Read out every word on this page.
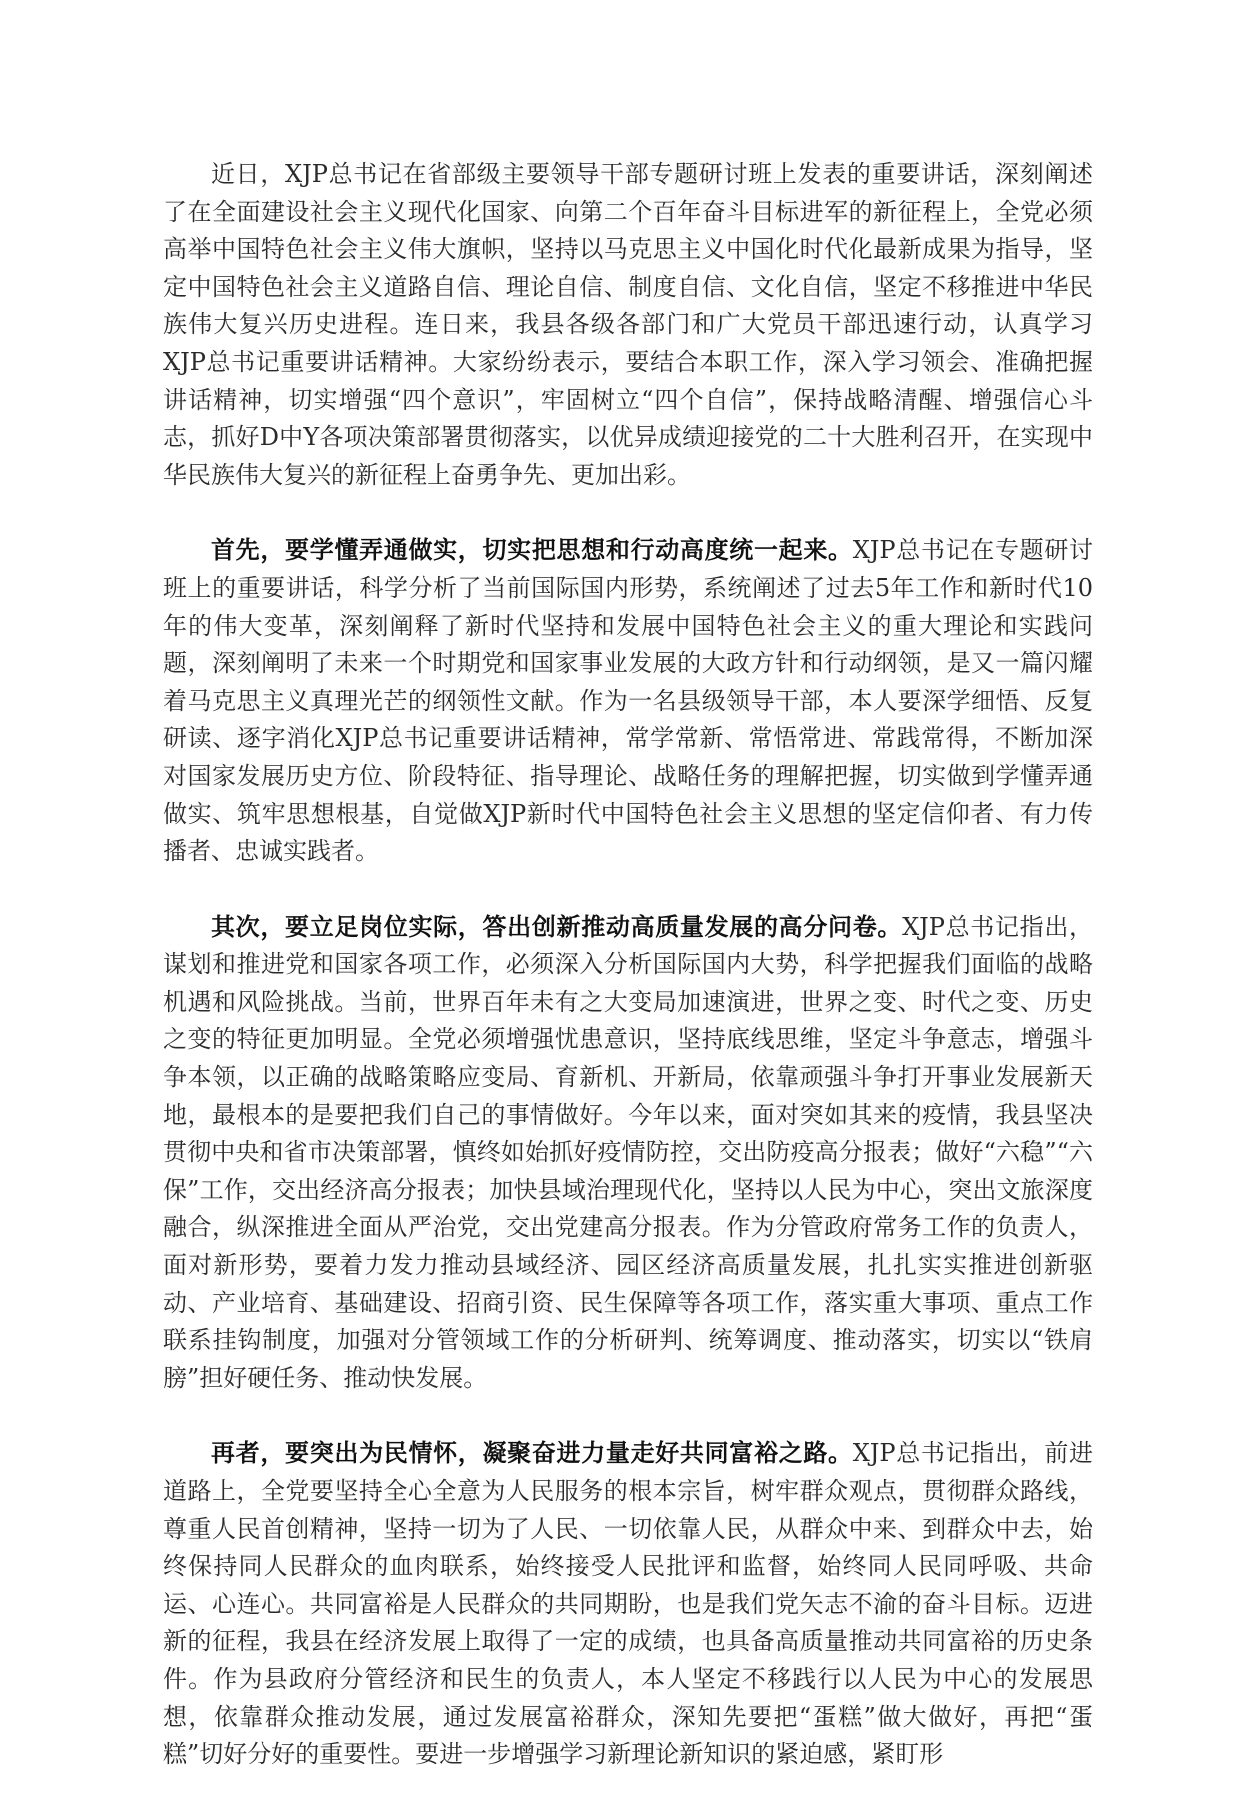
近日，XJP总书记在省部级主要领导干部专题研讨班上发表的重要讲话，深刻阐述了在全面建设社会主义现代化国家、向第二个百年奋斗目标进军的新征程上，全党必须高举中国特色社会主义伟大旗帜，坚持以马克思主义中国化时代化最新成果为指导，坚定中国特色社会主义道路自信、理论自信、制度自信、文化自信，坚定不移推进中华民族伟大复兴历史进程。连日来，我县各级各部门和广大党员干部迅速行动，认真学习XJP总书记重要讲话精神。大家纷纷表示，要结合本职工作，深入学习领会、准确把握讲话精神，切实增强“四个意识”，牢固树立“四个自信”，保持战略清醒、增强信心斗志，抓好D中Y各项决策部署贯彻落实，以优异成绩迎接党的二十大胜利召开，在实现中华民族伟大复兴的新征程上奋勇争先、更加出彩。

首先，要学懂弄通做实，切实把思想和行动高度统一起来。XJP总书记在专题研讨班上的重要讲话，科学分析了当前国际国内形势，系统阐述了过去5年工作和新时代10年的伟大变革，深刻阐释了新时代坚持和发展中国特色社会主义的重大理论和实践问题，深刻阐明了未来一个时期党和国家事业发展的大政方针和行动纲领，是又一篇闪耀着马克思主义真理光芒的纲领性文献。作为一名县级领导干部，本人要深学细悟、反复研读、逐字消化XJP总书记重要讲话精神，常学常新、常悟常进、常践常得，不断加深对国家发展历史方位、阶段特征、指导理论、战略任务的理解把握，切实做到学懂弄通做实、筑牢思想根基，自觉做XJP新时代中国特色社会主义思想的坚定信仰者、有力传播者、忠诚实践者。

其次，要立足岗位实际，答出创新推动高质量发展的高分问卷。XJP总书记指出，谋划和推进党和国家各项工作，必须深入分析国际国内大势，科学把握我们面临的战略机遇和风险挑战。当前，世界百年未有之大变局加速演进，世界之变、时代之变、历史之变的特征更加明显。全党必须增强忧患意识，坚持底线思维，坚定斗争意志，增强斗争本领，以正确的战略策略应变局、育新机、开新局，依靠顽强斗争打开事业发展新天地，最根本的是要把我们自己的事情做好。今年以来，面对突如其来的疫情，我县坚决贯彻中央和省市决策部署，慎终如始抓好疫情防控，交出防疫高分报表；做好“六稳”“六保”工作，交出经济高分报表；加快县域治理现代化，坚持以人民为中心，突出文旅深度融合，纵深推进全面从严治党，交出党建高分报表。作为分管政府常务工作的负责人，面对新形势，要着力发力推动县域经济、园区经济高质量发展，扎扎实实推进创新驱动、产业培育、基础建设、招商引资、民生保障等各项工作，落实重大事项、重点工作联系挂钩制度，加强对分管领域工作的分析研判、统筹调度、推动落实，切实以“铁肩膀”担好硬任务、推动快发展。

再者，要突出为民情怀，凝聚奋进力量走好共同富裕之路。XJP总书记指出，前进道路上，全党要坚持全心全意为人民服务的根本宗旨，树牢群众观点，贯彻群众路线，尊重人民首创精神，坚持一切为了人民、一切依靠人民，从群众中来、到群众中去，始终保持同人民群众的血肉联系，始终接受人民批评和监督，始终同人民同呼吸、共命运、心连心。共同富裕是人民群众的共同期盼，也是我们党矢志不渝的奋斗目标。迈进新的征程，我县在经济发展上取得了一定的成绩，也具备高质量推动共同富裕的历史条件。作为县政府分管经济和民生的负责人，本人坚定不移践行以人民为中心的发展思想，依靠群众推动发展，通过发展富裕群众，深知先要把“蛋糕”做大做好，再把“蛋糕”切好分好的重要性。要进一步增强学习新理论新知识的紧迫感，紧盯形
